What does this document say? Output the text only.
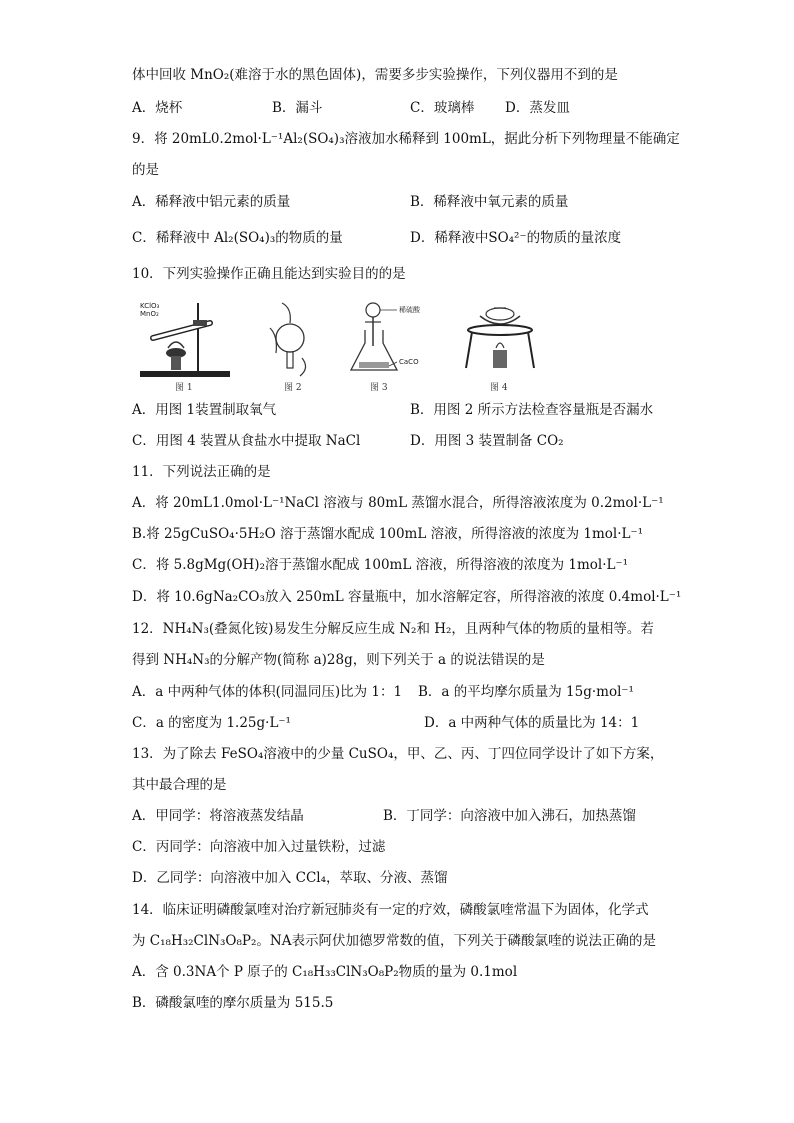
体中回收 MnO₂(难溶于水的黑色固体)，需要多步实验操作，下列仪器用不到的是
A．烧杯	B．漏斗	C．玻璃棒 D．蒸发皿
9．将 20mL0.2mol·L⁻¹Al₂(SO₄)₃溶液加水稀释到 100mL，据此分析下列物理量不能确定
的是
A．稀释液中铝元素的质量	B．稀释液中氧元素的质量
C．稀释液中 Al₂(SO₄)₃的物质的量	D．稀释液中SO₄²⁻的物质的量浓度
10．下列实验操作正确且能达到实验目的的是
KClO₃
MnO₂
图 1	图 2
稀硫酸
CaCO
图 3	图 4
A．用图 1装置制取氧气	B．用图 2 所示方法检查容量瓶是否漏水
C．用图 4 装置从食盐水中提取 NaCl	D．用图 3 装置制备 CO₂
11．下列说法正确的是
A．将 20mL1.0mol·L⁻¹NaCl 溶液与 80mL 蒸馏水混合，所得溶液浓度为 0.2mol·L⁻¹
B.将 25gCuSO₄·5H₂O 溶于蒸馏水配成 100mL 溶液，所得溶液的浓度为 1mol·L⁻¹
C．将 5.8gMg(OH)₂溶于蒸馏水配成 100mL 溶液，所得溶液的浓度为 1mol·L⁻¹
D．将 10.6gNa₂CO₃放入 250mL 容量瓶中，加水溶解定容，所得溶液的浓度 0.4mol·L⁻¹
12．NH₄N₃(叠氮化铵)易发生分解反应生成 N₂和 H₂，且两种气体的物质的量相等。若
得到 NH₄N₃的分解产物(简称 a)28g，则下列关于 a 的说法错误的是
A．a 中两种气体的体积(同温同压)比为 1：1 B．a 的平均摩尔质量为 15g·mol⁻¹
C．a 的密度为 1.25g·L⁻¹	D．a 中两种气体的质量比为 14：1
13．为了除去 FeSO₄溶液中的少量 CuSO₄，甲、乙、丙、丁四位同学设计了如下方案，
其中最合理的是
A．甲同学：将溶液蒸发结晶	B．丁同学：向溶液中加入沸石，加热蒸馏
C．丙同学：向溶液中加入过量铁粉，过滤
D．乙同学：向溶液中加入 CCl₄，萃取、分液、蒸馏
14．临床证明磷酸氯喹对治疗新冠肺炎有一定的疗效，磷酸氯喹常温下为固体，化学式
为 C₁₈H₃₂ClN₃O₈P₂。NA表示阿伏加德罗常数的值，下列关于磷酸氯喹的说法正确的是
A．含 0.3NA个 P 原子的 C₁₈H₃₃ClN₃O₈P₂物质的量为 0.1mol
B．磷酸氯喹的摩尔质量为 515.5
